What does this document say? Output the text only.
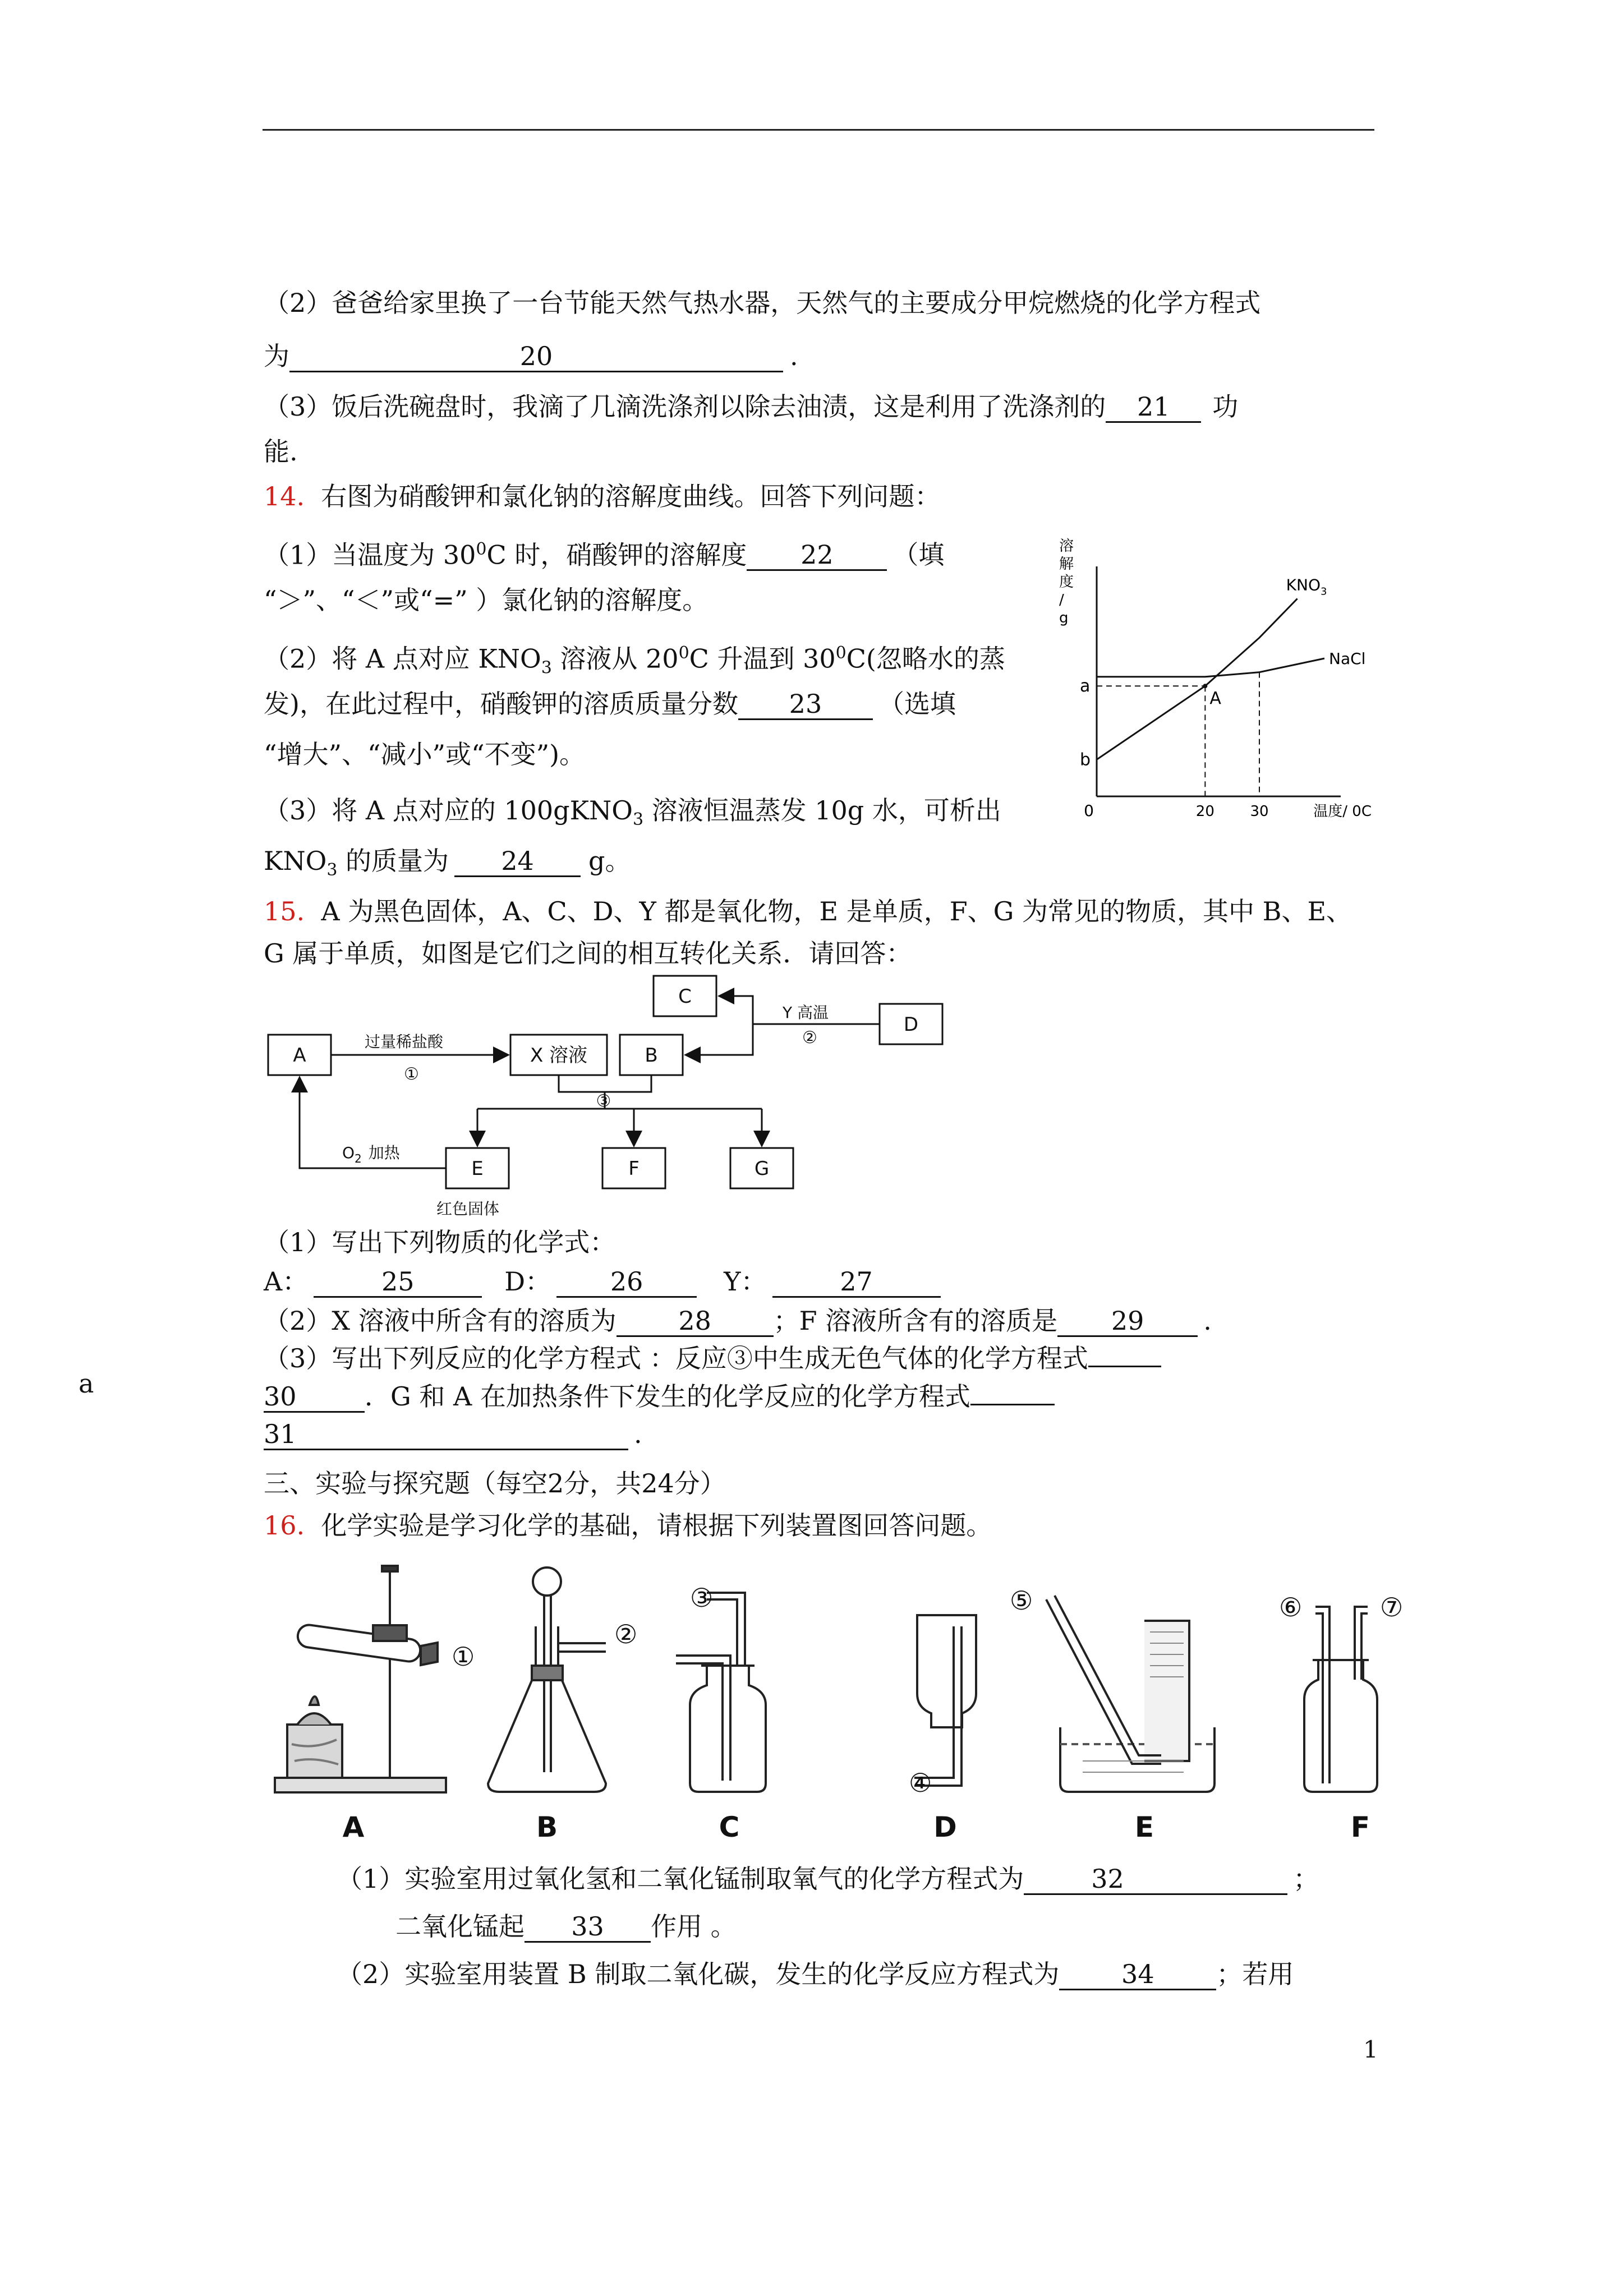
（2）爸爸给家里换了一台节能天然气热水器，天然气的主要成分甲烷燃烧的化学方程式
为	20	.
（3）饭后洗碗盘时，我滴了几滴洗涤剂以除去油渍，这是利用了洗涤剂的 21 功
能.
14. 右图为硝酸钾和氯化钠的溶解度曲线。回答下列问题：
（1）当温度为 $30^0C$ 时，硝酸钾的溶解度 22 （填
“＞”、“＜”或“=” ）氯化钠的溶解度。
（2）将 A 点对应 $KNO_3$ 溶液从 $20^0C$ 升温到 $30^0C$(忽略水的蒸
发)，在此过程中，硝酸钾的溶质质量分数 23 （选填
“增大”、“减小”或“不变”)。
（3）将 A 点对应的 100gKNO$_3$ 溶液恒温蒸发 10g 水，可析出
$KNO_3$ 的质量为 24 g。
溶
解
度
/
g
0	温度/ 0C
$KNO_3$
NaCl
A
20 30
b
a
15. A 为黑色固体，A、C、D、Y 都是氧化物，E 是单质，F、G 为常见的物质，其中 B、E、
G 属于单质，如图是它们之间的相互转化关系．请回答：
A	X 溶液	B
C
D
E	F	G
过量稀盐酸
①
Y 高温
②
③
$O_2$ 加热
红色固体
（1）写出下列物质的化学式：
A：	25	D： 26	Y：	27
（2）X 溶液中所含有的溶质为 28 ；F 溶液所含有的溶质是 29 .
（3）写出下列反应的化学方程式 ：反应③中生成无色气体的化学方程式
30	．G 和 A 在加热条件下发生的化学反应的化学方程式
31	.
a
三、实验与探究题（每空2分，共24分）
16. 化学实验是学习化学的基础，请根据下列装置图回答问题。
①
②
③
④
⑤	⑥	⑦
A	B	C	D	E	F
（1）实验室用过氧化氢和二氧化锰制取氧气的化学方程式为	32	；
二氧化锰起 33 作用 。
（2）实验室用装置 B 制取二氧化碳，发生的化学反应方程式为 34 ；若用
1
